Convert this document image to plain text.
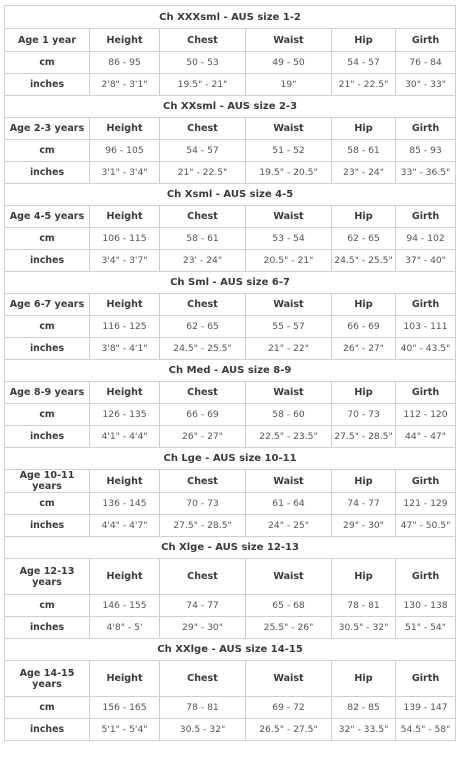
Ch XXXsml - AUS size 1-2					
Age 1 year	Height	Chest	Waist	Hip	Girth
cm	86 - 95	50 - 53	49 - 50	54 - 57	76 - 84
inches	2'8" - 3'1"	19.5" - 21"	19"	21" - 22.5"	30" - 33"
Ch XXsml - AUS size 2-3					
Age 2-3 years	Height	Chest	Waist	Hip	Girth
cm	96 - 105	54 - 57	51 - 52	58 - 61	85 - 93
inches	3'1" - 3'4"	21" - 22.5"	19.5" - 20.5"	23" - 24"	33" - 36.5"
Ch Xsml - AUS size 4-5					
Age 4-5 years	Height	Chest	Waist	Hip	Girth
cm	106 - 115	58 - 61	53 - 54	62 - 65	94 - 102
inches	3'4" - 3'7"	23' - 24"	20.5" - 21"	24.5" - 25.5"	37" - 40"
Ch Sml - AUS size 6-7					
Age 6-7 years	Height	Chest	Waist	Hip	Girth
cm	116 - 125	62 - 65	55 - 57	66 - 69	103 - 111
inches	3'8" - 4'1"	24.5" - 25.5"	21" - 22"	26" - 27"	40" - 43.5"
Ch Med - AUS size 8-9					
Age 8-9 years	Height	Chest	Waist	Hip	Girth
cm	126 - 135	66 - 69	58 - 60	70 - 73	112 - 120
inches	4'1" - 4'4"	26" - 27"	22.5" - 23.5"	27.5" - 28.5"	44" - 47"
Ch Lge - AUS size 10-11					
Age 10-11 years	Height	Chest	Waist	Hip	Girth
cm	136 - 145	70 - 73	61 - 64	74 - 77	121 - 129
inches	4'4" - 4'7"	27.5" - 28.5"	24" - 25"	29" - 30"	47" - 50.5"
Ch Xlge - AUS size 12-13					
Age 12-13 years	Height	Chest	Waist	Hip	Girth
cm	146 - 155	74 - 77	65 - 68	78 - 81	130 - 138
inches	4'8" - 5'	29" - 30"	25.5" - 26"	30.5" - 32"	51" - 54"
Ch XXlge - AUS size 14-15					
Age 14-15 years	Height	Chest	Waist	Hip	Girth
cm	156 - 165	78 - 81	69 - 72	82 - 85	139 - 147
inches	5'1" - 5'4"	30.5 - 32"	26.5" - 27.5"	32" - 33.5"	54.5" - 58"
